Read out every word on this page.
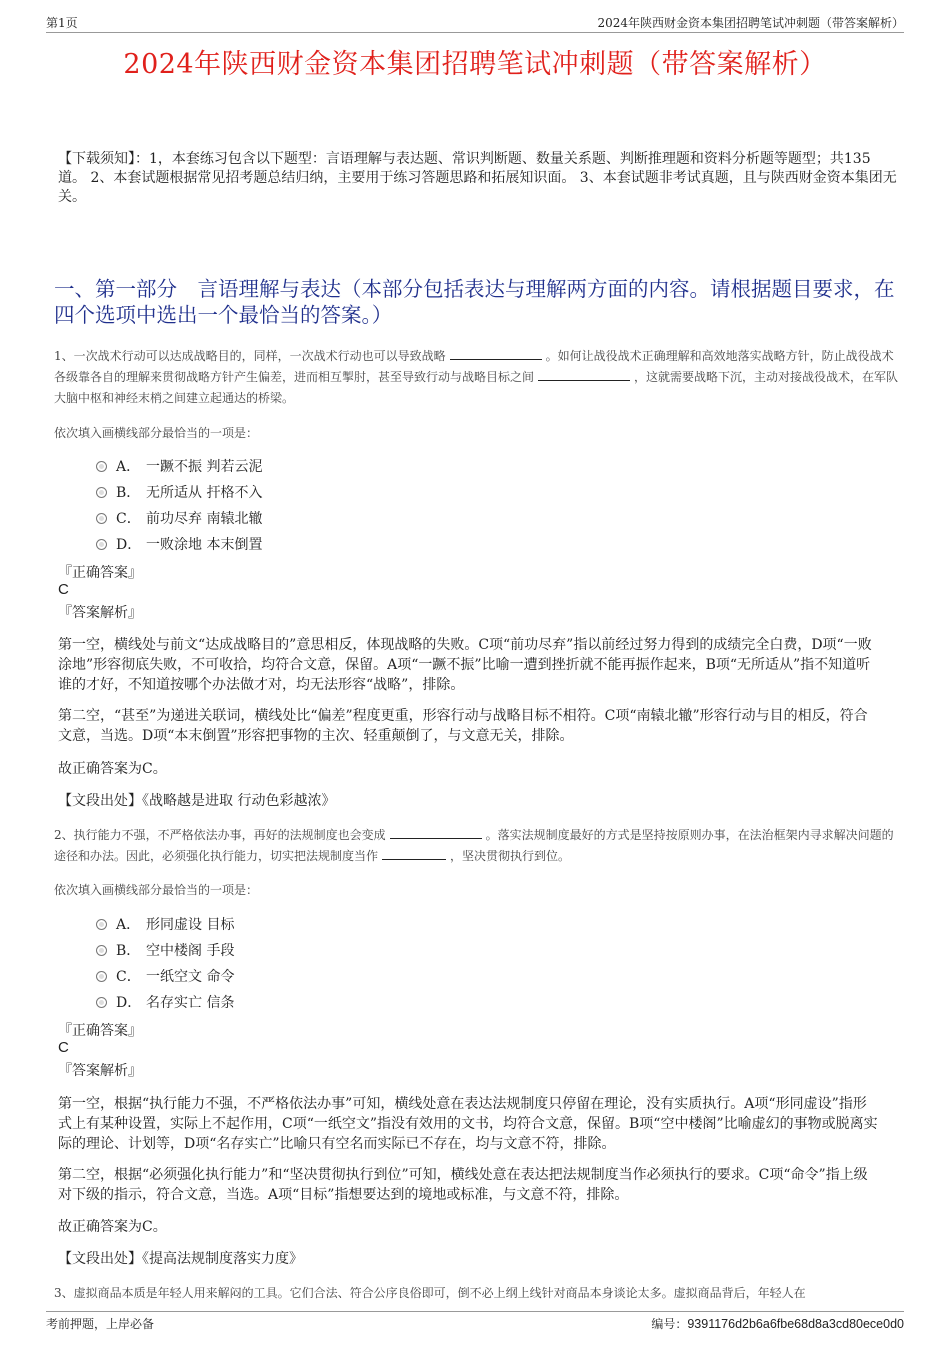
第1页	2024年陕西财金资本集团招聘笔试冲刺题（带答案解析）
2024年陕西财金资本集团招聘笔试冲刺题（带答案解析）
【下载须知】：1，本套练习包含以下题型：言语理解与表达题、常识判断题、数量关系题、判断推理题和资料分析题等题型；共135道。 2、本套试题根据常见招考题总结归纳，主要用于练习答题思路和拓展知识面。 3、本套试题非考试真题，且与陕西财金资本集团无关。
一、第一部分　言语理解与表达（本部分包括表达与理解两方面的内容。请根据题目要求，在四个选项中选出一个最恰当的答案。）
1、一次战术行动可以达成战略目的，同样，一次战术行动也可以导致战略	。如何让战役战术正确理解和高效地落实战略方针，防止战役战术各级靠各自的理解来贯彻战略方针产生偏差，进而相互掣肘，甚至导致行动与战略目标之间	，这就需要战略下沉，主动对接战役战术，在军队大脑中枢和神经末梢之间建立起通达的桥梁。
依次填入画横线部分最恰当的一项是：
A． 一蹶不振 判若云泥
B． 无所适从 扞格不入
C． 前功尽弃 南辕北辙
D． 一败涂地 本末倒置
『正确答案』
C
『答案解析』
第一空，横线处与前文“达成战略目的”意思相反，体现战略的失败。C项“前功尽弃”指以前经过努力得到的成绩完全白费，D项“一败涂地”形容彻底失败，不可收拾，均符合文意，保留。A项“一蹶不振”比喻一遭到挫折就不能再振作起来，B项“无所适从”指不知道听谁的才好，不知道按哪个办法做才对，均无法形容“战略”，排除。
第二空，“甚至”为递进关联词，横线处比“偏差”程度更重，形容行动与战略目标不相符。C项“南辕北辙”形容行动与目的相反，符合文意，当选。D项“本末倒置”形容把事物的主次、轻重颠倒了，与文意无关，排除。
故正确答案为C。
【文段出处】《战略越是进取 行动色彩越浓》
2、执行能力不强，不严格依法办事，再好的法规制度也会变成	。落实法规制度最好的方式是坚持按原则办事，在法治框架内寻求解决问题的途径和办法。因此，必须强化执行能力，切实把法规制度当作	，坚决贯彻执行到位。
依次填入画横线部分最恰当的一项是：
A． 形同虚设 目标
B． 空中楼阁 手段
C． 一纸空文 命令
D． 名存实亡 信条
『正确答案』
C
『答案解析』
第一空，根据“执行能力不强，不严格依法办事”可知，横线处意在表达法规制度只停留在理论，没有实质执行。A项“形同虚设”指形式上有某种设置，实际上不起作用，C项“一纸空文”指没有效用的文书，均符合文意，保留。B项“空中楼阁”比喻虚幻的事物或脱离实际的理论、计划等，D项“名存实亡”比喻只有空名而实际已不存在，均与文意不符，排除。
第二空，根据“必须强化执行能力”和“坚决贯彻执行到位”可知，横线处意在表达把法规制度当作必须执行的要求。C项“命令”指上级对下级的指示，符合文意，当选。A项“目标”指想要达到的境地或标准，与文意不符，排除。
故正确答案为C。
【文段出处】《提高法规制度落实力度》
3、虚拟商品本质是年轻人用来解闷的工具。它们合法、符合公序良俗即可，倒不必上纲上线针对商品本身谈论太多。虚拟商品背后，年轻人在
考前押题，上岸必备	编号：9391176d2b6a6fbe68d8a3cd80ece0d0
